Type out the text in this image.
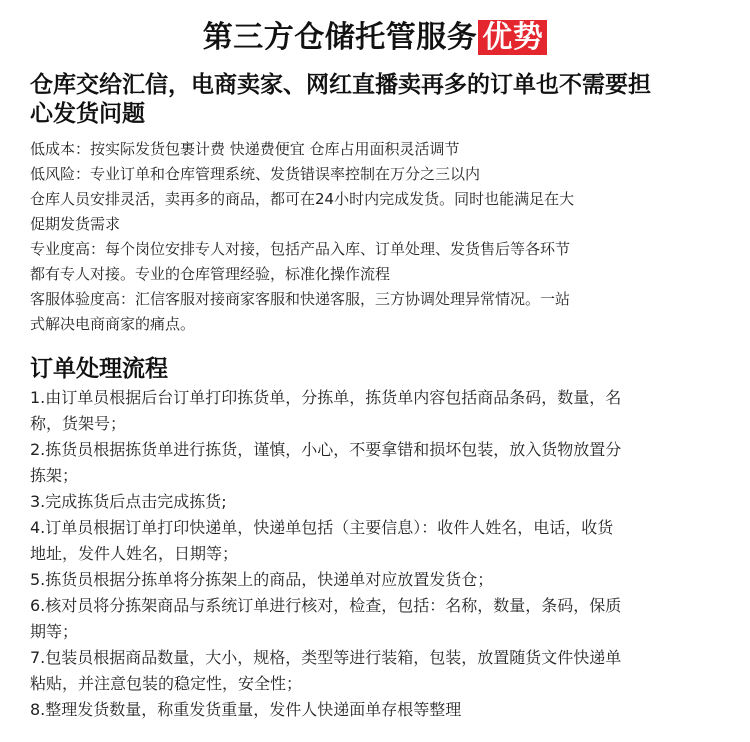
第三方仓储托管服务 优势
仓库交给汇信，电商卖家、网红直播卖再多的订单也不需要担
心发货问题
低成本：按实际发货包裹计费 快递费便宜 仓库占用面积灵活调节
低风险：专业订单和仓库管理系统、发货错误率控制在万分之三以内
仓库人员安排灵活，卖再多的商品，都可在24小时内完成发货。同时也能满足在大
促期发货需求
专业度高：每个岗位安排专人对接，包括产品入库、订单处理、发货售后等各环节
都有专人对接。专业的仓库管理经验，标准化操作流程
客服体验度高：汇信客服对接商家客服和快递客服，三方协调处理异常情况。一站
式解决电商商家的痛点。
订单处理流程
1.由订单员根据后台订单打印拣货单，分拣单，拣货单内容包括商品条码，数量，名
称，货架号；
2.拣货员根据拣货单进行拣货，谨慎，小心，不要拿错和损坏包装，放入货物放置分
拣架；
3.完成拣货后点击完成拣货;
4.订单员根据订单打印快递单，快递单包括（主要信息）：收件人姓名，电话，收货
地址，发件人姓名，日期等；
5.拣货员根据分拣单将分拣架上的商品，快递单对应放置发货仓；
6.核对员将分拣架商品与系统订单进行核对，检查，包括：名称，数量，条码，保质
期等；
7.包装员根据商品数量，大小，规格，类型等进行装箱，包装，放置随货文件快递单
粘贴，并注意包装的稳定性，安全性；
8.整理发货数量，称重发货重量，发件人快递面单存根等整理
